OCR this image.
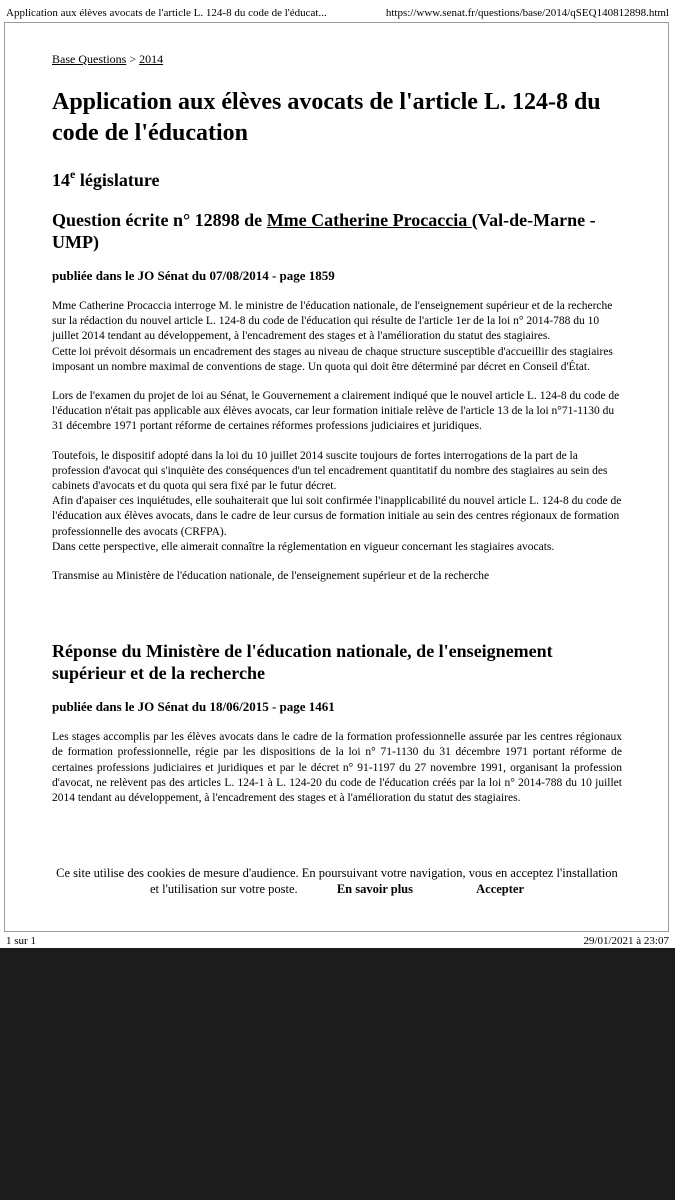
Application aux élèves avocats de l'article L. 124-8 du code de l'éducat...	https://www.senat.fr/questions/base/2014/qSEQ140812898.html
Base Questions > 2014
Application aux élèves avocats de l'article L. 124-8 du code de l'éducation
14e législature
Question écrite n° 12898 de Mme Catherine Procaccia (Val-de-Marne - UMP)

publiée dans le JO Sénat du 07/08/2014 - page 1859

Mme Catherine Procaccia interroge M. le ministre de l'éducation nationale, de l'enseignement supérieur et de la recherche sur la rédaction du nouvel article L. 124-8 du code de l'éducation qui résulte de l'article 1er de la loi n° 2014-788 du 10 juillet 2014 tendant au développement, à l'encadrement des stages et à l'amélioration du statut des stagiaires.

Cette loi prévoit désormais un encadrement des stages au niveau de chaque structure susceptible d'accueillir des stagiaires imposant un nombre maximal de conventions de stage. Un quota qui doit être déterminé par décret en Conseil d'État.

Lors de l'examen du projet de loi au Sénat, le Gouvernement a clairement indiqué que le nouvel article L. 124-8 du code de l'éducation n'était pas applicable aux élèves avocats, car leur formation initiale relève de l'article 13 de la loi n°71-1130 du 31 décembre 1971 portant réforme de certaines réformes professions judiciaires et juridiques.

Toutefois, le dispositif adopté dans la loi du 10 juillet 2014 suscite toujours de fortes interrogations de la part de la profession d'avocat qui s'inquiète des conséquences d'un tel encadrement quantitatif du nombre des stagiaires au sein des cabinets d'avocats et du quota qui sera fixé par le futur décret.

Afin d'apaiser ces inquiétudes, elle souhaiterait que lui soit confirmée l'inapplicabilité du nouvel article L. 124-8 du code de l'éducation aux élèves avocats, dans le cadre de leur cursus de formation initiale au sein des centres régionaux de formation professionnelle des avocats (CRFPA).

Dans cette perspective, elle aimerait connaître la réglementation en vigueur concernant les stagiaires avocats.

Transmise au Ministère de l'éducation nationale, de l'enseignement supérieur et de la recherche

Réponse du Ministère de l'éducation nationale, de l'enseignement supérieur et de la recherche

publiée dans le JO Sénat du 18/06/2015 - page 1461

Les stages accomplis par les élèves avocats dans le cadre de la formation professionnelle assurée par les centres régionaux de formation professionnelle, régie par les dispositions de la loi n° 71-1130 du 31 décembre 1971 portant réforme de certaines professions judiciaires et juridiques et par le décret n° 91-1197 du 27 novembre 1991, organisant la profession d'avocat, ne relèvent pas des articles L. 124-1 à L. 124-20 du code de l'éducation créés par la loi n° 2014-788 du 10 juillet 2014 tendant au développement, à l'encadrement des stages et à l'amélioration du statut des stagiaires.

Ce site utilise des cookies de mesure d'audience. En poursuivant votre navigation, vous en acceptez l'installation et l'utilisation sur votre poste.	En savoir plus	Accepter
1 sur 1	29/01/2021 à 23:07
